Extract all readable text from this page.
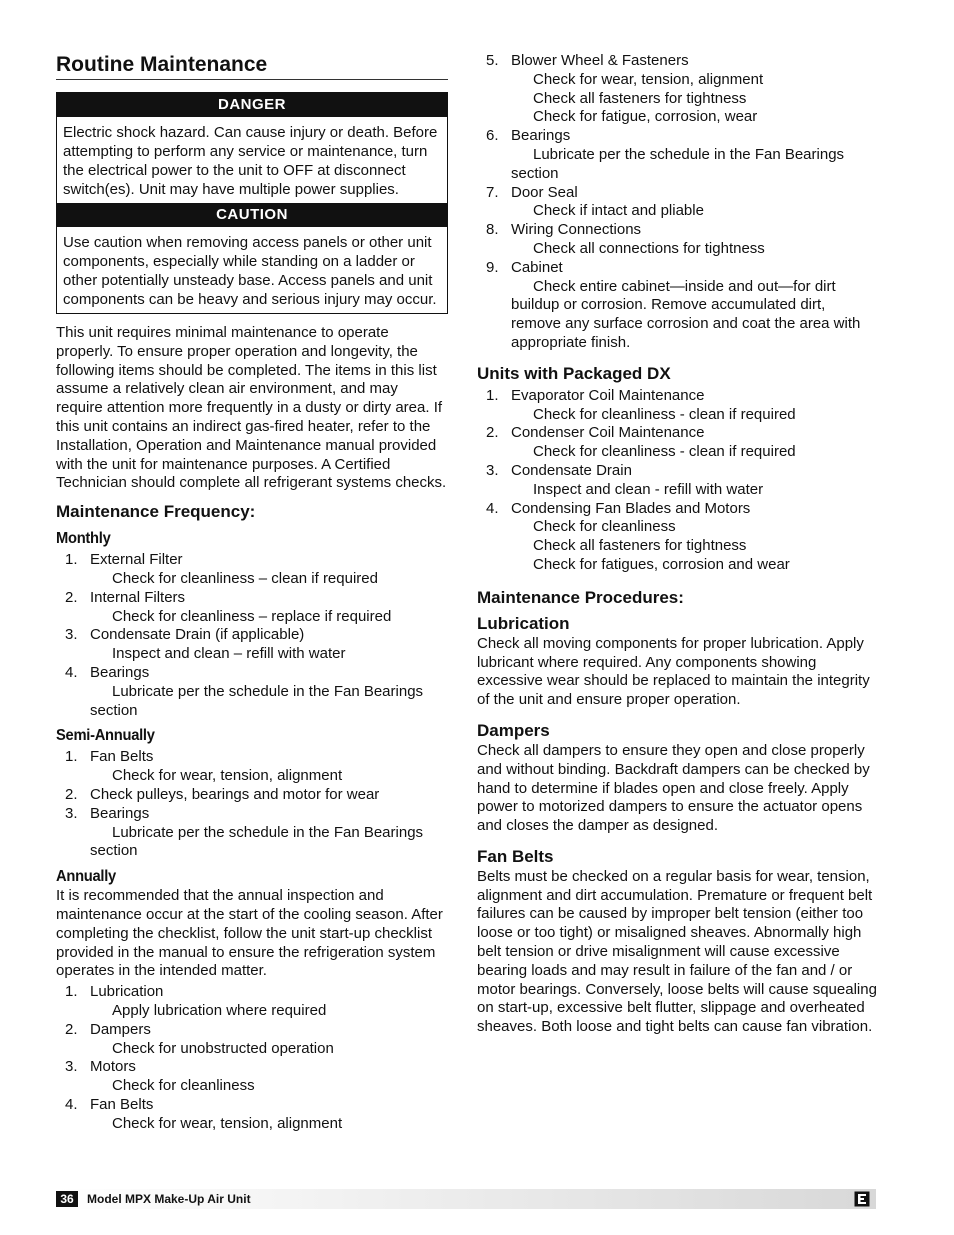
Routine Maintenance
DANGER
Electric shock hazard. Can cause injury or death. Before attempting to perform any service or maintenance, turn the electrical power to the unit to OFF at disconnect switch(es). Unit may have multiple power supplies.
CAUTION
Use caution when removing access panels or other unit components, especially while standing on a ladder or other potentially unsteady base. Access panels and unit components can be heavy and serious injury may occur.

This unit requires minimal maintenance to operate properly. To ensure proper operation and longevity, the following items should be completed. The items in this list assume a relatively clean air environment, and may require attention more frequently in a dusty or dirty area. If this unit contains an indirect gas-fired heater, refer to the Installation, Operation and Maintenance manual provided with the unit for maintenance purposes. A Certified Technician should complete all refrigerant systems checks.

Maintenance Frequency:
Monthly
1. External Filter
Check for cleanliness – clean if required
2. Internal Filters
Check for cleanliness – replace if required
3. Condensate Drain (if applicable)
Inspect and clean – refill with water
4. Bearings
Lubricate per the schedule in the Fan Bearings section
Semi-Annually
1. Fan Belts
Check for wear, tension, alignment
2. Check pulleys, bearings and motor for wear
3. Bearings
Lubricate per the schedule in the Fan Bearings section
Annually

It is recommended that the annual inspection and maintenance occur at the start of the cooling season. After completing the checklist, follow the unit start-up checklist provided in the manual to ensure the refrigeration system operates in the intended matter.

1. Lubrication
Apply lubrication where required
2. Dampers
Check for unobstructed operation
3. Motors
Check for cleanliness
4. Fan Belts
Check for wear, tension, alignment
5. Blower Wheel & Fasteners
Check for wear, tension, alignment
Check all fasteners for tightness
Check for fatigue, corrosion, wear
6. Bearings
Lubricate per the schedule in the Fan Bearings section
7. Door Seal
Check if intact and pliable
8. Wiring Connections
Check all connections for tightness
9. Cabinet
Check entire cabinet—inside and out—for dirt buildup or corrosion. Remove accumulated dirt, remove any surface corrosion and coat the area with appropriate finish.
Units with Packaged DX
1. Evaporator Coil Maintenance
Check for cleanliness - clean if required
2. Condenser Coil Maintenance
Check for cleanliness - clean if required
3. Condensate Drain
Inspect and clean - refill with water
4. Condensing Fan Blades and Motors
Check for cleanliness
Check all fasteners for tightness
Check for fatigues, corrosion and wear
Maintenance Procedures:
Lubrication

Check all moving components for proper lubrication. Apply lubricant where required. Any components showing excessive wear should be replaced to maintain the integrity of the unit and ensure proper operation.

Dampers

Check all dampers to ensure they open and close properly and without binding. Backdraft dampers can be checked by hand to determine if blades open and close freely. Apply power to motorized dampers to ensure the actuator opens and closes the damper as designed.

Fan Belts

Belts must be checked on a regular basis for wear, tension, alignment and dirt accumulation. Premature or frequent belt failures can be caused by improper belt tension (either too loose or too tight) or misaligned sheaves. Abnormally high belt tension or drive misalignment will cause excessive bearing loads and may result in failure of the fan and / or motor bearings. Conversely, loose belts will cause squealing on start-up, excessive belt flutter, slippage and overheated sheaves. Both loose and tight belts can cause fan vibration.

36	Model MPX Make-Up Air Unit
